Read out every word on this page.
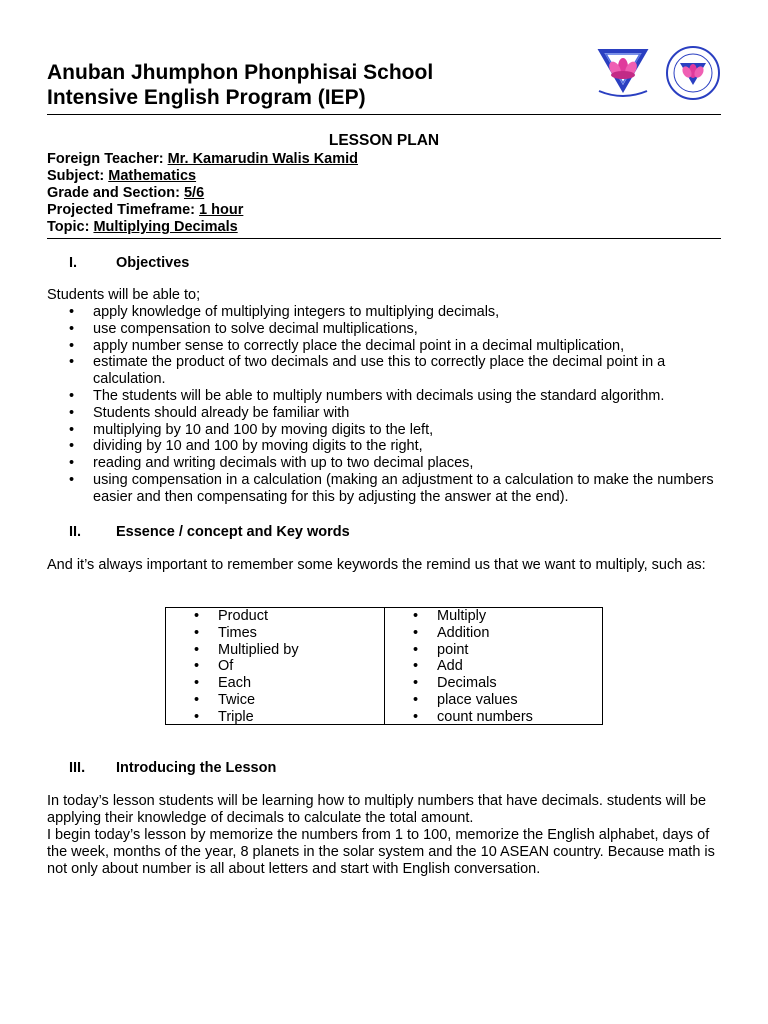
Anuban Jhumphon Phonphisai School
Intensive English Program (IEP)
LESSON PLAN
Foreign Teacher: Mr. Kamarudin Walis Kamid
Subject: Mathematics
Grade and Section: 5/6
Projected Timeframe: 1 hour
Topic: Multiplying Decimals
I.	Objectives
Students will be able to;
• apply knowledge of multiplying integers to multiplying decimals,
• use compensation to solve decimal multiplications,
• apply number sense to correctly place the decimal point in a decimal multiplication,
• estimate the product of two decimals and use this to correctly place the decimal point in a calculation.
• The students will be able to multiply numbers with decimals using the standard algorithm.
• Students should already be familiar with
• multiplying by 10 and 100 by moving digits to the left,
• dividing by 10 and 100 by moving digits to the right,
• reading and writing decimals with up to two decimal places,
• using compensation in a calculation (making an adjustment to a calculation to make the numbers easier and then compensating for this by adjusting the answer at the end).
II. Essence / concept and Key words
And it’s always important to remember some keywords the remind us that we want to multiply, such as:
• Product
• Times
• Multiplied by
• Of
• Each
• Twice
• Triple
• Multiply
• Addition
• point
• Add
• Decimals
• place values
• count numbers
III. Introducing the Lesson
In today’s lesson students will be learning how to multiply numbers that have decimals. students will be applying their knowledge of decimals to calculate the total amount.
I begin today’s lesson by memorize the numbers from 1 to 100, memorize the English alphabet, days of the week, months of the year, 8 planets in the solar system and the 10 ASEAN country. Because math is not only about number is all about letters and start with English conversation.
